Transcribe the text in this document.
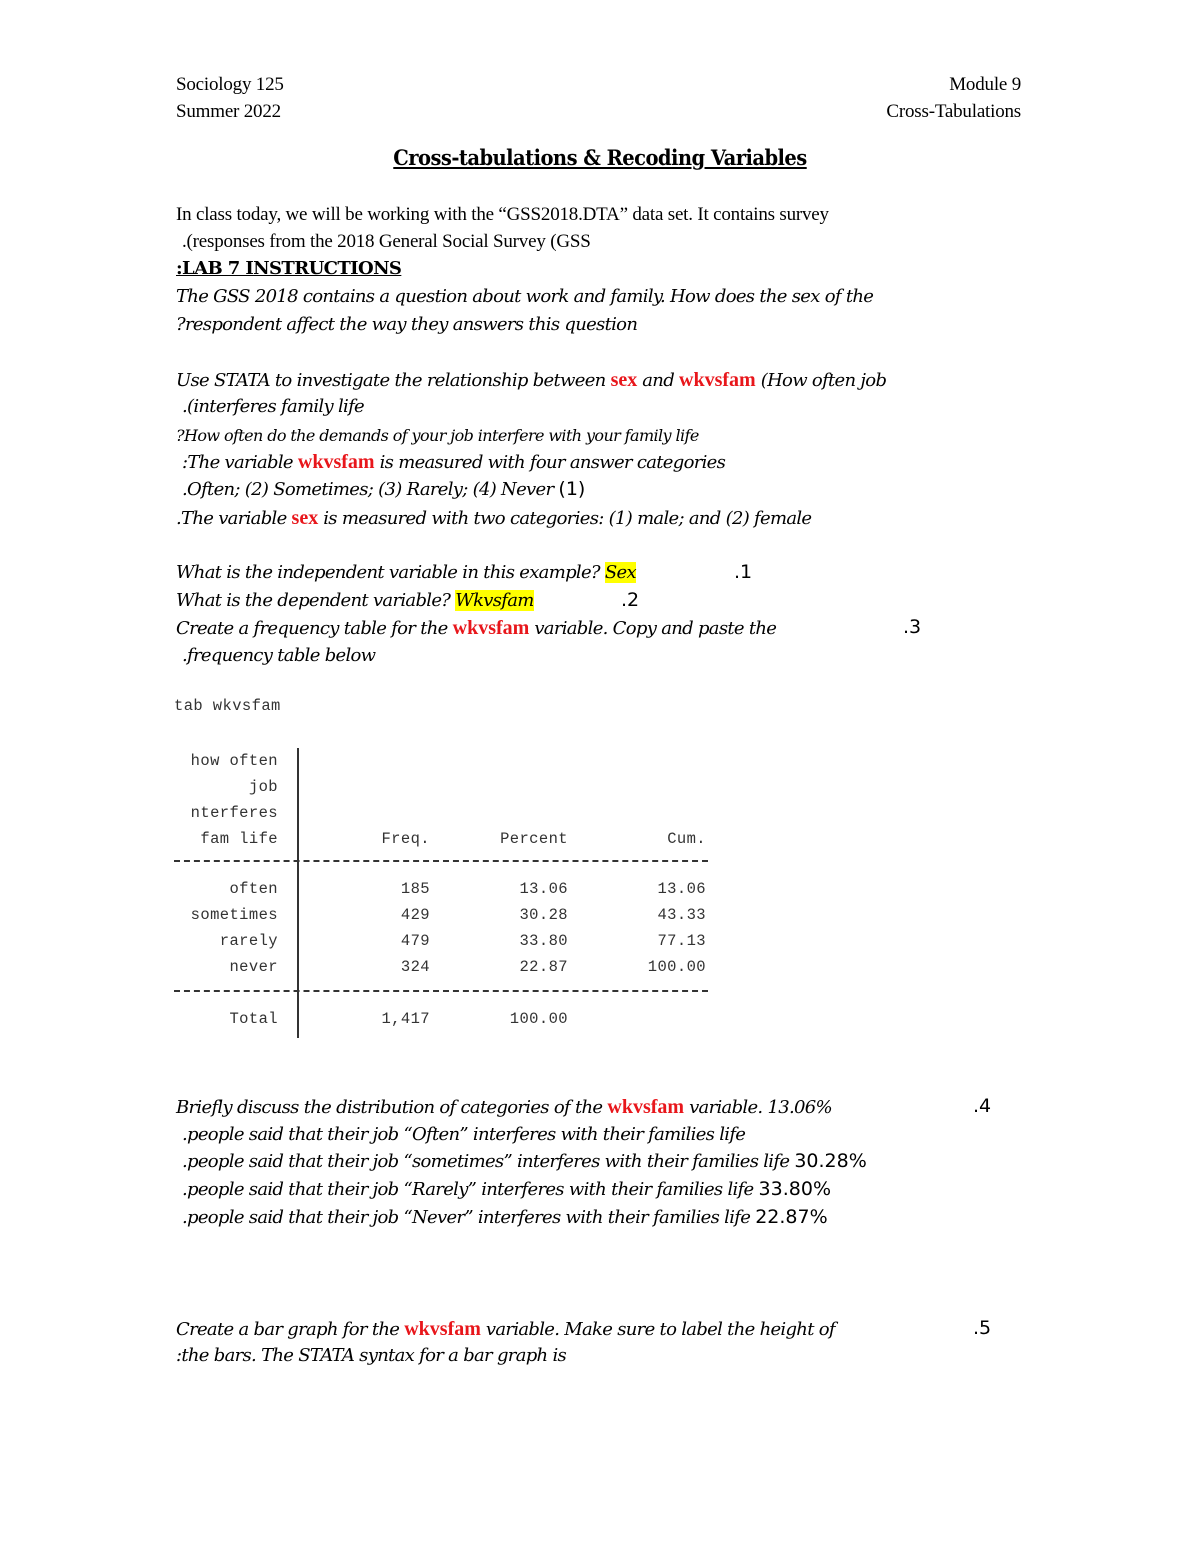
Sociology 125
Summer 2022
Module 9
Cross-Tabulations
Cross-tabulations & Recoding Variables
In class today, we will be working with the “GSS2018.DTA” data set. It contains survey
.(responses from the 2018 General Social Survey (GSS
:LAB 7 INSTRUCTIONS
The GSS 2018 contains a question about work and family. How does the sex of the
?respondent affect the way they answers this question
Use STATA to investigate the relationship between sex and wkvsfam (How often job
.(interferes family life
?How often do the demands of your job interfere with your family life
:The variable wkvsfam is measured with four answer categories
.Often; (2) Sometimes; (3) Rarely; (4) Never (1)
.The variable sex is measured with two categories: (1) male; and (2) female
What is the independent variable in this example? Sex	.1
What is the dependent variable? Wkvsfam	.2
Create a frequency table for the wkvsfam variable. Copy and paste the	.3
.frequency table below
tab wkvsfam
how often
job
nterferes
fam life	Freq.	Percent	Cum.
often	185	13.06	13.06
sometimes	429	30.28	43.33
rarely	479	33.80	77.13
never	324	22.87	100.00
Total	1,417	100.00
Briefly discuss the distribution of categories of the wkvsfam variable. 13.06%	.4
.people said that their job “Often” interferes with their families life
.people said that their job “sometimes” interferes with their families life 30.28%
.people said that their job “Rarely” interferes with their families life 33.80%
.people said that their job “Never” interferes with their families life 22.87%
Create a bar graph for the wkvsfam variable. Make sure to label the height of	.5
:the bars. The STATA syntax for a bar graph is
